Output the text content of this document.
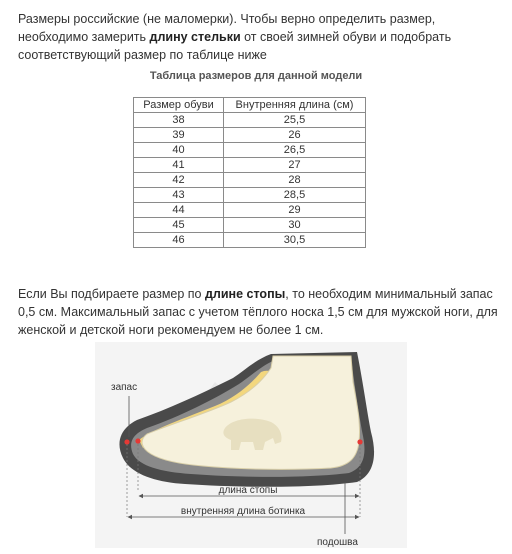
Размеры российские (не маломерки). Чтобы верно определить размер, необходимо замерить длину стельки от своей зимней обуви и подобрать соответствующий размер по таблице ниже

Таблица размеров для данной модели

Размер обуви	Внутренняя длина (см)
38	25,5
39	26
40	26,5
41	27
42	28
43	28,5
44	29
45	30
46	30,5

Если Вы подбираете размер по длине стопы, то необходим минимальный запас 0,5 см. Максимальный запас с учетом тёплого носка 1,5 см для мужской ноги, для женской и детской ноги рекомендуем не более 1 см.

запас
длина стопы
внутренняя длина ботинка
подошва
